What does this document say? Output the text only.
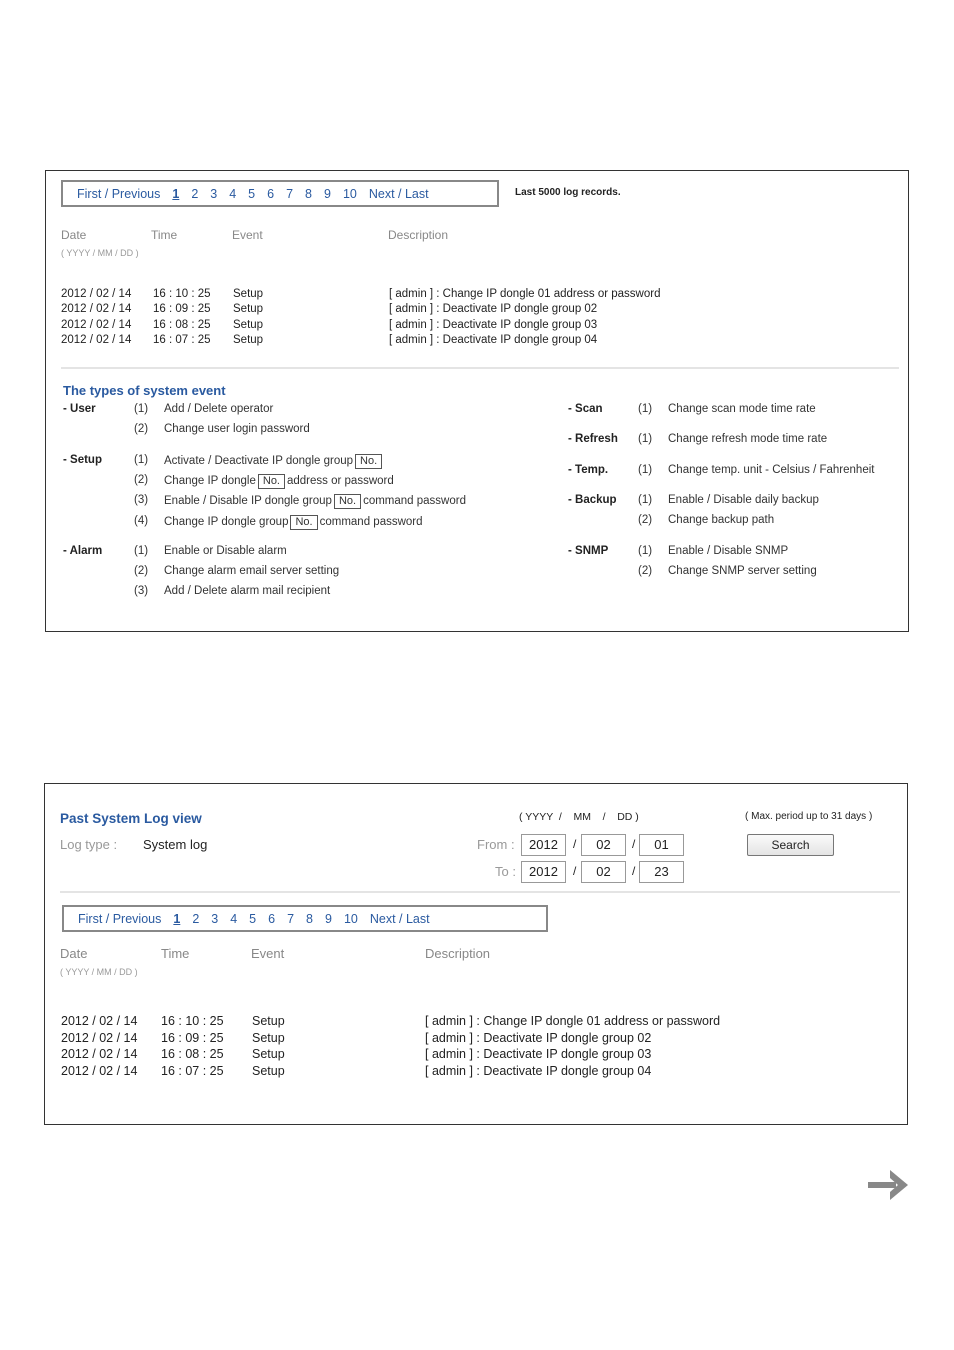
First / Previous 1 2 3 4 5 6 7 8 9 10 Next / Last	Last 5000 log records.
Date
( YYYY / MM / DD )
Time	Event	Description
2012 / 02 / 14 16 : 10 : 25 Setup	[ admin ] : Change IP dongle 01 address or password
2012 / 02 / 14 16 : 09 : 25 Setup	[ admin ] : Deactivate IP dongle group 02
2012 / 02 / 14 16 : 08 : 25 Setup	[ admin ] : Deactivate IP dongle group 03
2012 / 02 / 14 16 : 07 : 25 Setup	[ admin ] : Deactivate IP dongle group 04
The types of system event
- User	(1) Add / Delete operator
(2) Change user login password
- Setup	(1) Activate / Deactivate IP dongle group No.
(2) Change IP dongle No. address or password
(3) Enable / Disable IP dongle group No. command password
(4) Change IP dongle group No. command password
- Alarm	(1) Enable or Disable alarm
(2) Change alarm email server setting
(3) Add / Delete alarm mail recipient
- Scan	(1) Change scan mode time rate
- Refresh (1) Change refresh mode time rate
- Temp.	(1) Change temp. unit - Celsius / Fahrenheit
- Backup (1) Enable / Disable daily backup
(2) Change backup path
- SNMP	(1) Enable / Disable SNMP
(2) Change SNMP server setting
Past System Log view
Log type : System log
( YYYY  /    MM    /    DD )	( Max. period up to 31 days )
From :	2012	/	02	/	01
To :	2012	/	02	/	23
Search
First / Previous 1 2 3 4 5 6 7 8 9 10 Next / Last
Date
( YYYY / MM / DD )
Time	Event	Description
2012 / 02 / 14 16 : 10 : 25 Setup	[ admin ] : Change IP dongle 01 address or password
2012 / 02 / 14 16 : 09 : 25 Setup	[ admin ] : Deactivate IP dongle group 02
2012 / 02 / 14 16 : 08 : 25 Setup	[ admin ] : Deactivate IP dongle group 03
2012 / 02 / 14 16 : 07 : 25 Setup	[ admin ] : Deactivate IP dongle group 04
